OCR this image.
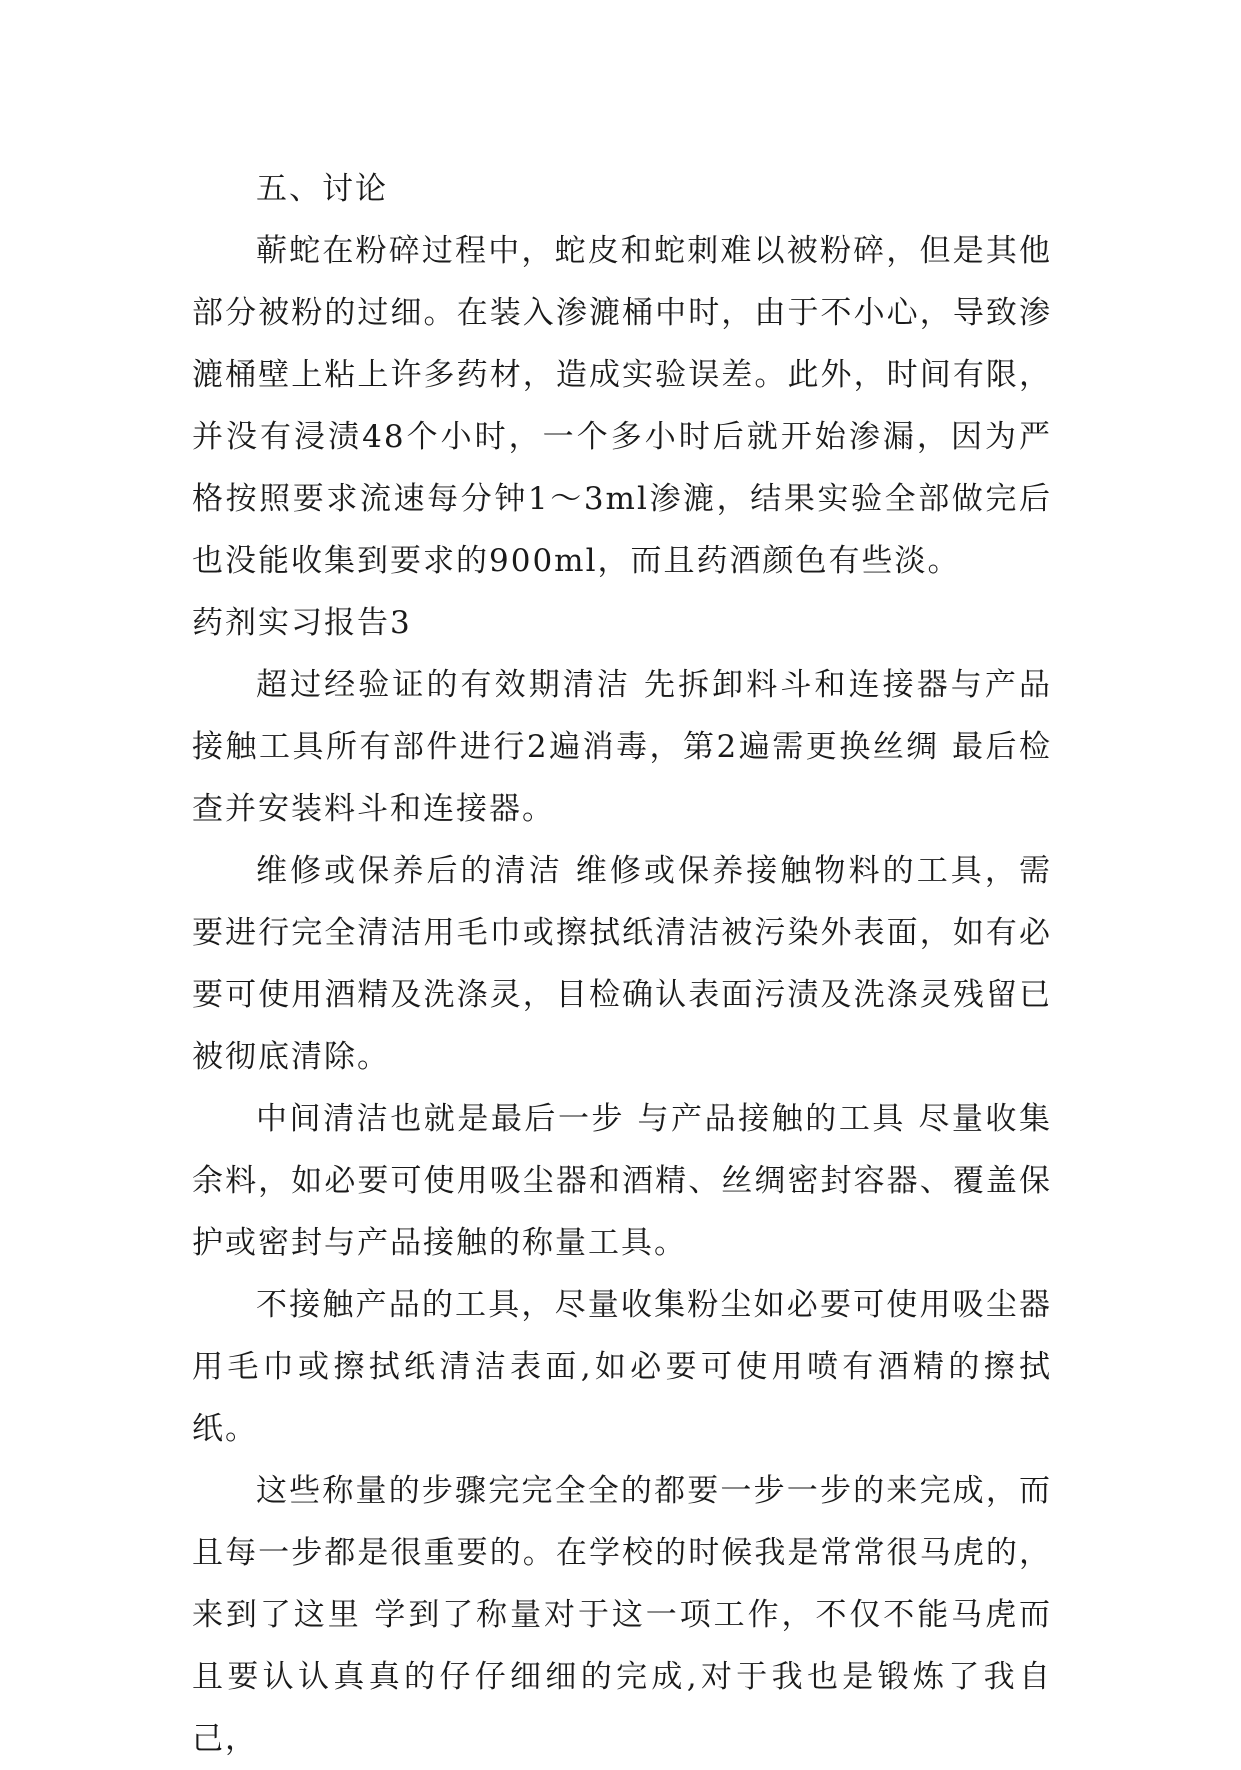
五、讨论

蕲蛇在粉碎过程中，蛇皮和蛇刺难以被粉碎，但是其他部分被粉的过细。在装入渗漉桶中时，由于不小心，导致渗漉桶壁上粘上许多药材，造成实验误差。此外，时间有限，并没有浸渍48个小时，一个多小时后就开始渗漏，因为严格按照要求流速每分钟1～3ml渗漉，结果实验全部做完后也没能收集到要求的900ml，而且药酒颜色有些淡。

药剂实习报告3

超过经验证的有效期清洁 先拆卸料斗和连接器与产品接触工具所有部件进行2遍消毒，第2遍需更换丝绸 最后检查并安装料斗和连接器。

维修或保养后的清洁 维修或保养接触物料的工具，需要进行完全清洁用毛巾或擦拭纸清洁被污染外表面，如有必要可使用酒精及洗涤灵，目检确认表面污渍及洗涤灵残留已被彻底清除。

中间清洁也就是最后一步 与产品接触的工具 尽量收集余料，如必要可使用吸尘器和酒精、丝绸密封容器、覆盖保护或密封与产品接触的称量工具。

不接触产品的工具，尽量收集粉尘如必要可使用吸尘器用毛巾或擦拭纸清洁表面,如必要可使用喷有酒精的擦拭纸。

这些称量的步骤完完全全的都要一步一步的来完成，而且每一步都是很重要的。在学校的时候我是常常很马虎的，来到了这里 学到了称量对于这一项工作，不仅不能马虎而且要认认真真的仔仔细细的完成,对于我也是锻炼了我自己，
